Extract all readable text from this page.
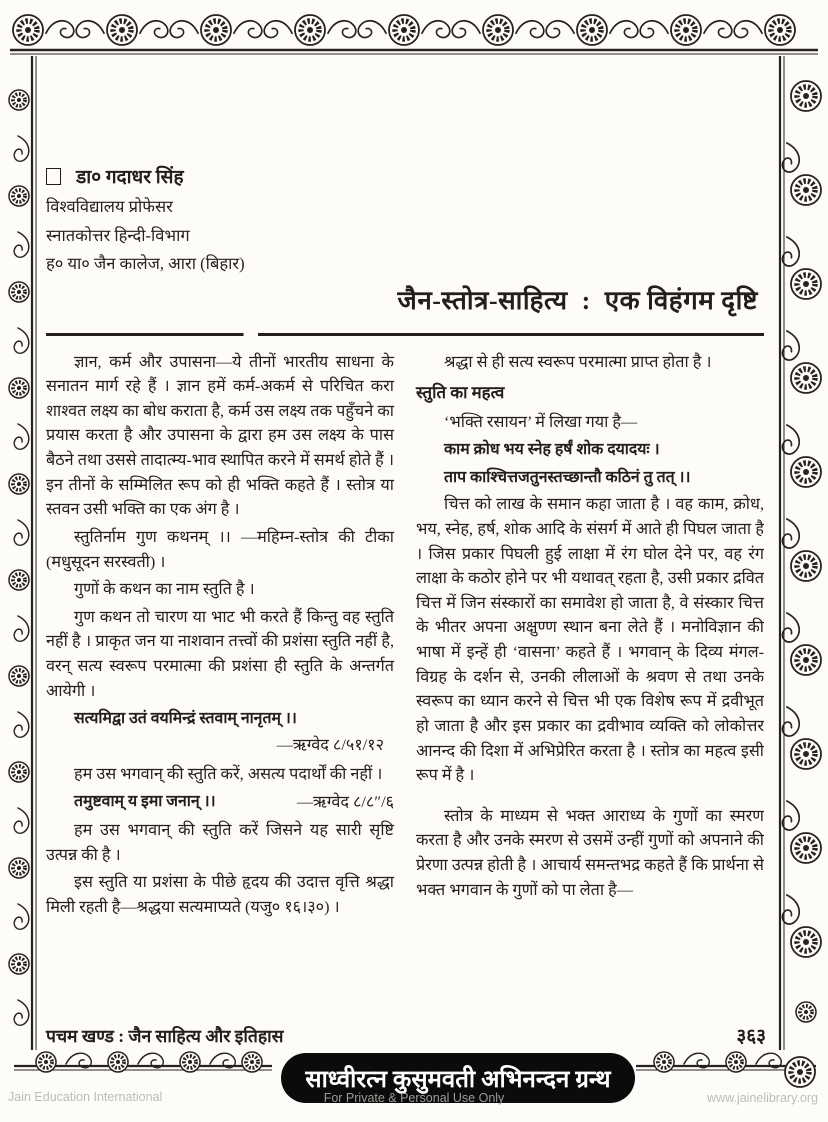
डा० गदाधर सिंह
विश्वविद्यालय प्रोफेसर
स्नातकोत्तर हिन्दी-विभाग
ह० या० जैन कालेज, आरा (बिहार)
जैन-स्तोत्र-साहित्य  :  एक विहंगम दृष्टि

ज्ञान, कर्म और उपासना—ये तीनों भारतीय साधना के सनातन मार्ग रहे हैं । ज्ञान हमें कर्म-अकर्म से परिचित करा शाश्वत लक्ष्य का बोध कराता है, कर्म उस लक्ष्य तक पहुँचने का प्रयास करता है और उपासना के द्वारा हम उस लक्ष्य के पास बैठने तथा उससे तादात्म्य-भाव स्थापित करने में समर्थ होते हैं । इन तीनों के सम्मिलित रूप को ही भक्ति कहते हैं । स्तोत्र या स्तवन उसी भक्ति का एक अंग है ।

स्तुतिर्नाम गुण कथनम् ।। —महिम्न-स्तोत्र की टीका (मधुसूदन सरस्वती) ।

गुणों के कथन का नाम स्तुति है ।

गुण कथन तो चारण या भाट भी करते हैं किन्तु वह स्तुति नहीं है । प्राकृत जन या नाशवान तत्त्वों की प्रशंसा स्तुति नहीं है, वरन् सत्य स्वरूप परमात्मा की प्रशंसा ही स्तुति के अन्तर्गत आयेगी ।

सत्यमिद्वा उतं वयमिन्द्रं स्तवाम् नानृतम् ।।

—ऋग्वेद ८/५१/१२

हम उस भगवान् की स्तुति करें, असत्य पदार्थों की नहीं ।

तमुष्टवाम् य इमा जनान् ।।	—ऋग्वेद ८/८″/६

हम उस भगवान् की स्तुति करें जिसने यह सारी सृष्टि उत्पन्न की है ।

इस स्तुति या प्रशंसा के पीछे हृदय की उदात्त वृत्ति श्रद्धा मिली रहती है—श्रद्धया सत्यमाप्यते (यजु० १६।३०) ।

श्रद्धा से ही सत्य स्वरूप परमात्मा प्राप्त होता है ।

स्तुति का महत्व

‘भक्ति रसायन’ में लिखा गया है—

काम क्रोध भय स्नेह हर्षं शोक दयादयः ।

ताप काश्चित्तजतुनस्तच्छान्तौ कठिनं तु तत् ।।

चित्त को लाख के समान कहा जाता है । वह काम, क्रोध, भय, स्नेह, हर्ष, शोक आदि के संसर्ग में आते ही पिघल जाता है । जिस प्रकार पिघली हुई लाक्षा में रंग घोल देने पर, वह रंग लाक्षा के कठोर होने पर भी यथावत् रहता है, उसी प्रकार द्रवित चित्त में जिन संस्कारों का समावेश हो जाता है, वे संस्कार चित्त के भीतर अपना अक्षुण्ण स्थान बना लेते हैं । मनोविज्ञान की भाषा में इन्हें ही ‘वासना’ कहते हैं । भगवान् के दिव्य मंगल-विग्रह के दर्शन से, उनकी लीलाओं के श्रवण से तथा उनके स्वरूप का ध्यान करने से चित्त भी एक विशेष रूप में द्रवीभूत हो जाता है और इस प्रकार का द्रवीभाव व्यक्ति को लोकोत्तर आनन्द की दिशा में अभिप्रेरित करता है । स्तोत्र का महत्व इसी रूप में है ।

स्तोत्र के माध्यम से भक्त आराध्य के गुणों का स्मरण करता है और उनके स्मरण से उसमें उन्हीं गुणों को अपनाने की प्रेरणा उत्पन्न होती है । आचार्य समन्तभद्र कहते हैं कि प्रार्थना से भक्त भगवान के गुणों को पा लेता है—

पचम खण्ड : जैन साहित्य और इतिहास	३६३
साध्वीरत्न कुसुमवती अभिनन्दन ग्रन्थ
Jain Education International	For Private & Personal Use Only	www.jainelibrary.org
